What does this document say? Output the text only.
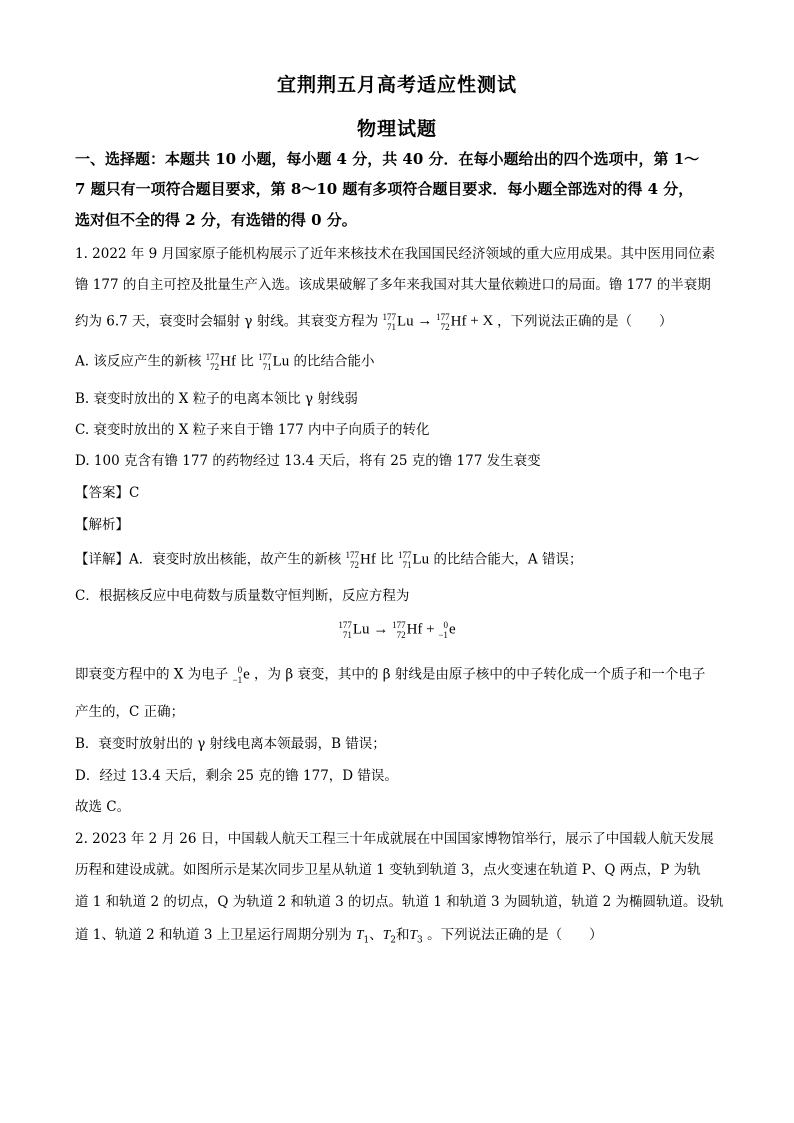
宜荆荆五月高考适应性测试
物理试题
一、选择题：本题共 10 小题，每小题 4 分，共 40 分．在每小题给出的四个选项中，第 1～
7 题只有一项符合题目要求，第 8～10 题有多项符合题目要求．每小题全部选对的得 4 分，
选对但不全的得 2 分，有选错的得 0 分。
1. 2022 年 9 月国家原子能机构展示了近年来核技术在我国国民经济领域的重大应用成果。其中医用同位素
镥 177 的自主可控及批量生产入选。该成果破解了多年来我国对其大量依赖进口的局面。镥 177 的半衰期
约为 6.7 天，衰变时会辐射 γ 射线。其衰变方程为 177
71 Lu → 177
72 Hf + X ，下列说法正确的是（　　）
A. 该反应产生的新核 177
72 Hf 比 177
71 Lu 的比结合能小
B. 衰变时放出的 X 粒子的电离本领比 γ 射线弱
C. 衰变时放出的 X 粒子来自于镥 177 内中子向质子的转化
D. 100 克含有镥 177 的药物经过 13.4 天后，将有 25 克的镥 177 发生衰变
【答案】C
【解析】
【详解】A．衰变时放出核能，故产生的新核 177
72 Hf 比 177
71 Lu 的比结合能大，A 错误；
C．根据核反应中电荷数与质量数守恒判断，反应方程为
177
71 Lu → 177
72 Hf + 0
−1 e
即衰变方程中的 X 为电子 0
−1 e ，为 β 衰变，其中的 β 射线是由原子核中的中子转化成一个质子和一个电子
产生的，C 正确；
B．衰变时放射出的 γ 射线电离本领最弱，B 错误；
D．经过 13.4 天后，剩余 25 克的镥 177，D 错误。
故选 C。
2. 2023 年 2 月 26 日，中国载人航天工程三十年成就展在中国国家博物馆举行，展示了中国载人航天发展
历程和建设成就。如图所示是某次同步卫星从轨道 1 变轨到轨道 3，点火变速在轨道 P、Q 两点，P 为轨
道 1 和轨道 2 的切点，Q 为轨道 2 和轨道 3 的切点。轨道 1 和轨道 3 为圆轨道，轨道 2 为椭圆轨道。设轨
道 1、轨道 2 和轨道 3 上卫星运行周期分别为 $T_1$、$T_2$和$T_3$ 。下列说法正确的是（　　）
